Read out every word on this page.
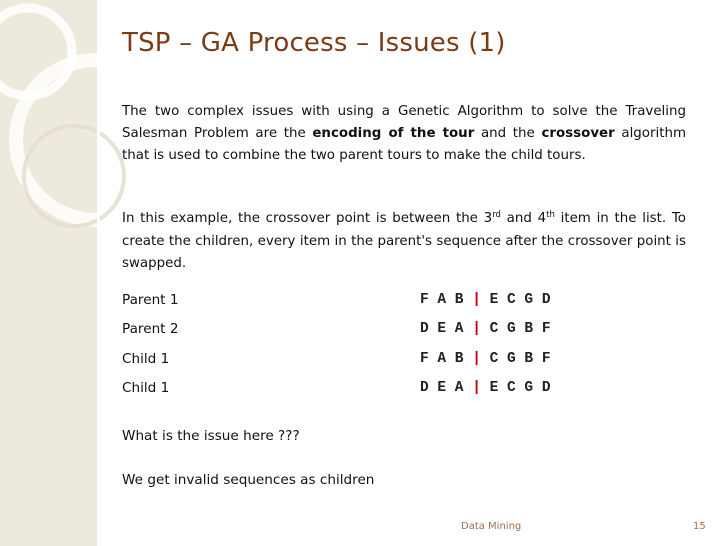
TSP – GA Process – Issues (1)

The two complex issues with using a Genetic Algorithm to solve the Traveling Salesman Problem are the encoding of the tour and the crossover algorithm that is used to combine the two parent tours to make the child tours.

In this example, the crossover point is between the 3rd and 4th item in the list. To create the children, every item in the parent's sequence after the crossover point is swapped.

Parent 1	F A B | E C G D
Parent 2	D E A | C G B F
Child 1	F A B | C G B F
Child 1	D E A | E C G D

What is the issue here ???

We get invalid sequences as children

Data Mining	15
